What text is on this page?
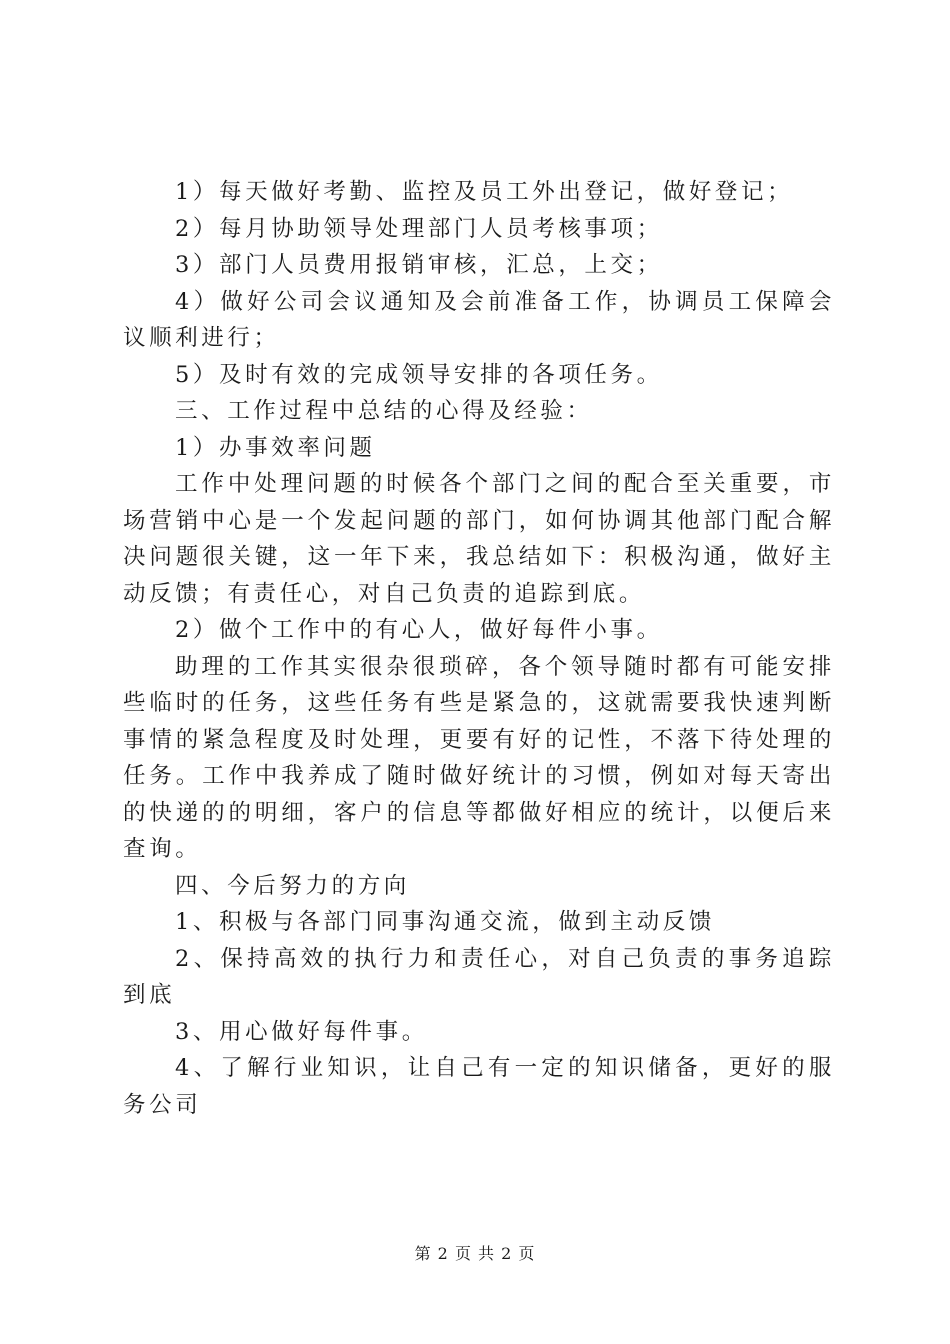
1）每天做好考勤、监控及员工外出登记，做好登记；

2）每月协助领导处理部门人员考核事项；

3）部门人员费用报销审核，汇总，上交；

4）做好公司会议通知及会前准备工作，协调员工保障会议顺利进行；

5）及时有效的完成领导安排的各项任务。

三、工作过程中总结的心得及经验：

1）办事效率问题

工作中处理问题的时候各个部门之间的配合至关重要，市场营销中心是一个发起问题的部门，如何协调其他部门配合解决问题很关键，这一年下来，我总结如下：积极沟通，做好主动反馈；有责任心，对自己负责的追踪到底。

2）做个工作中的有心人，做好每件小事。

助理的工作其实很杂很琐碎，各个领导随时都有可能安排些临时的任务，这些任务有些是紧急的，这就需要我快速判断事情的紧急程度及时处理，更要有好的记性，不落下待处理的任务。工作中我养成了随时做好统计的习惯，例如对每天寄出的快递的的明细，客户的信息等都做好相应的统计，以便后来查询。

四、今后努力的方向

1、积极与各部门同事沟通交流，做到主动反馈

2、保持高效的执行力和责任心，对自己负责的事务追踪到底

3、用心做好每件事。

4、了解行业知识，让自己有一定的知识储备，更好的服务公司

第 2 页 共 2 页
